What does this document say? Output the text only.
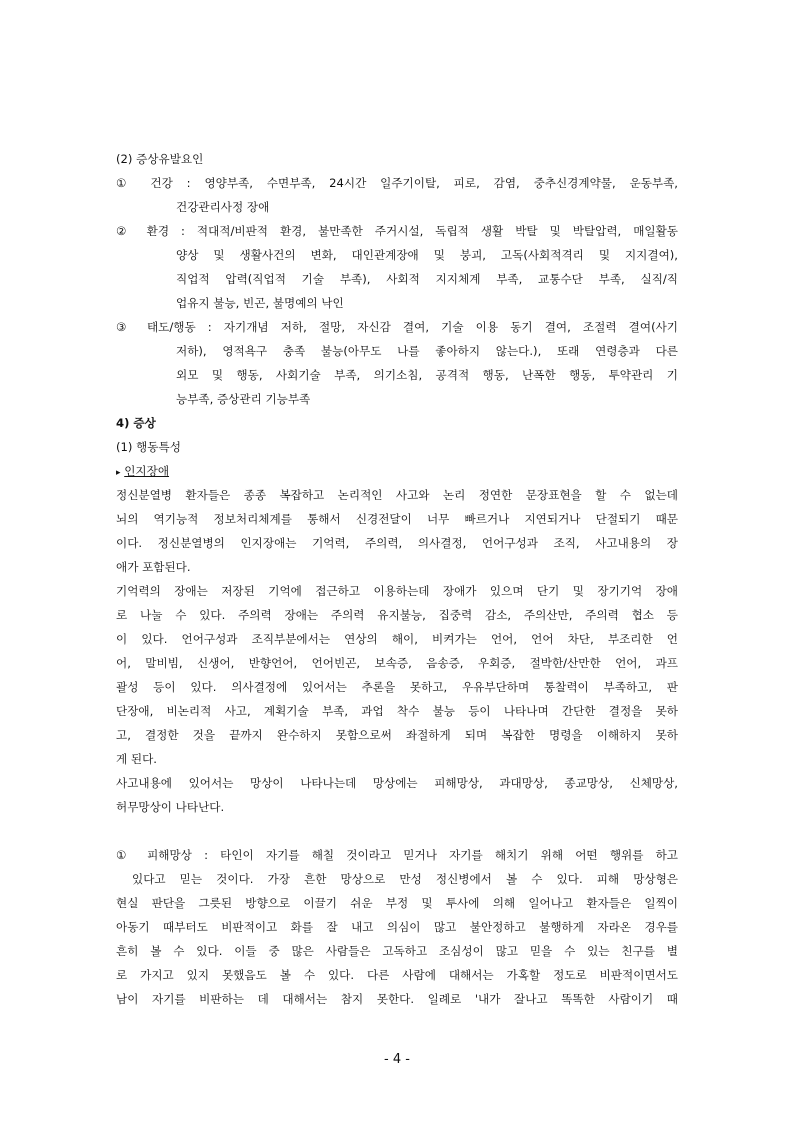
(2) 증상유발요인
① 건강 : 영양부족, 수면부족, 24시간 일주기이탈, 피로, 감염, 중추신경계약물, 운동부족,
건강관리사정 장애
② 환경 : 적대적/비판적 환경, 불만족한 주거시설, 독립적 생활 박탈 및 박탈압력, 매일활동
양상 및 생활사건의 변화, 대인관계장애 및 붕괴, 고독(사회적격리 및 지지결여),
직업적 압력(직업적 기술 부족), 사회적 지지체계 부족, 교통수단 부족, 실직/직
업유지 불능, 빈곤, 불명예의 낙인
③ 태도/행동 : 자기개념 저하, 절망, 자신감 결여, 기술 이용 동기 결여, 조절력 결여(사기
저하), 영적욕구 충족 불능(아무도 나를 좋아하지 않는다.), 또래 연령층과 다른
외모 및 행동, 사회기술 부족, 의기소침, 공격적 행동, 난폭한 행동, 투약관리 기
능부족, 증상관리 기능부족
4) 증상
(1) 행동특성
▸ 인지장애
정신분열병 환자들은 종종 복잡하고 논리적인 사고와 논리 정연한 문장표현을 할 수 없는데
뇌의 역기능적 정보처리체계를 통해서 신경전달이 너무 빠르거나 지연되거나 단절되기 때문
이다. 정신분열병의 인지장애는 기억력, 주의력, 의사결정, 언어구성과 조직, 사고내용의 장
애가 포함된다.
기억력의 장애는 저장된 기억에 접근하고 이용하는데 장애가 있으며 단기 및 장기기억 장애
로 나눌 수 있다. 주의력 장애는 주의력 유지불능, 집중력 감소, 주의산만, 주의력 협소 등
이 있다. 언어구성과 조직부분에서는 연상의 해이, 비켜가는 언어, 언어 차단, 부조리한 언
어, 말비빔, 신생어, 반향언어, 언어빈곤, 보속증, 음송증, 우회증, 절박한/산만한 언어, 과프
괄성 등이 있다. 의사결정에 있어서는 추론을 못하고, 우유부단하며 통찰력이 부족하고, 판
단장애, 비논리적 사고, 계획기술 부족, 과업 착수 불능 등이 나타나며 간단한 결정을 못하
고, 결정한 것을 끝까지 완수하지 못함으로써 좌절하게 되며 복잡한 명령을 이해하지 못하
게 된다.
사고내용에 있어서는 망상이 나타나는데 망상에는 피해망상, 과대망상, 종교망상, 신체망상,
허무망상이 나타난다.
① 피해망상 : 타인이 자기를 해칠 것이라고 믿거나 자기를 해치기 위해 어떤 행위를 하고
있다고 믿는 것이다. 가장 흔한 망상으로 만성 정신병에서 볼 수 있다. 피해 망상형은
현실 판단을 그릇된 방향으로 이끌기 쉬운 부정 및 투사에 의해 일어나고 환자들은 일찍이
아동기 때부터도 비판적이고 화를 잘 내고 의심이 많고 불안정하고 불행하게 자라온 경우를
흔히 볼 수 있다. 이들 중 많은 사람들은 고독하고 조심성이 많고 믿을 수 있는 친구를 별
로 가지고 있지 못했음도 볼 수 있다. 다른 사람에 대해서는 가혹할 정도로 비판적이면서도
남이 자기를 비판하는 데 대해서는 참지 못한다. 일례로 '내가 잘나고 똑똑한 사람이기 때
- 4 -
